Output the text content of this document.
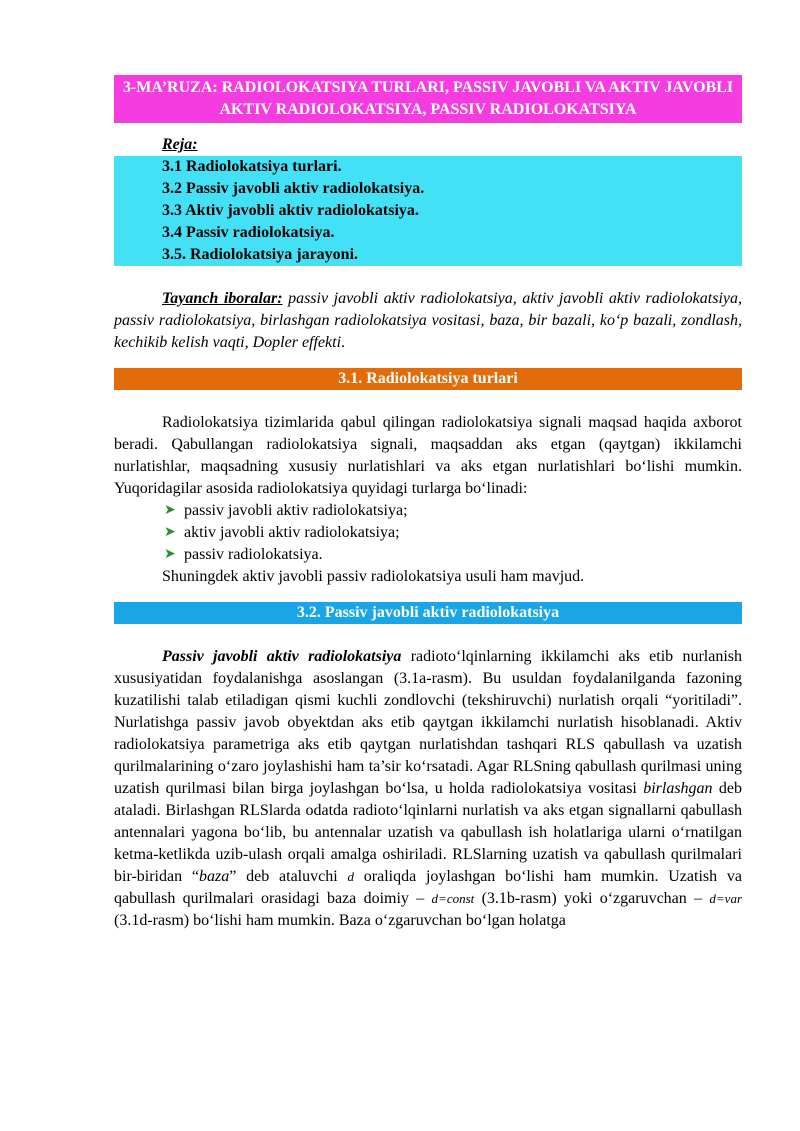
3-MA’RUZA: RADIOLOKATSIYA TURLARI, PASSIV JAVOBLI VA AKTIV JAVOBLI AKTIV RADIOLOKATSIYA, PASSIV RADIOLOKATSIYA
Reja:
3.1 Radiolokatsiya turlari.
3.2 Passiv javobli aktiv radiolokatsiya.
3.3 Aktiv javobli aktiv radiolokatsiya.
3.4 Passiv radiolokatsiya.
3.5. Radiolokatsiya jarayoni.

Tayanch iboralar: passiv javobli aktiv radiolokatsiya, aktiv javobli aktiv radiolokatsiya, passiv radiolokatsiya, birlashgan radiolokatsiya vositasi, baza, bir bazali, ko‘p bazali, zondlash, kechikib kelish vaqti, Dopler effekti.

3.1. Radiolokatsiya turlari

Radiolokatsiya tizimlarida qabul qilingan radiolokatsiya signali maqsad haqida axborot beradi. Qabullangan radiolokatsiya signali, maqsaddan aks etgan (qaytgan) ikkilamchi nurlatishlar, maqsadning xususiy nurlatishlari va aks etgan nurlatishlari bo‘lishi mumkin. Yuqoridagilar asosida radiolokatsiya quyidagi turlarga bo‘linadi:

➤ passiv javobli aktiv radiolokatsiya;
➤ aktiv javobli aktiv radiolokatsiya;
➤ passiv radiolokatsiya.
Shuningdek aktiv javobli passiv radiolokatsiya usuli ham mavjud.
3.2. Passiv javobli aktiv radiolokatsiya

Passiv javobli aktiv radiolokatsiya radioto‘lqinlarning ikkilamchi aks etib nurlanish xususiyatidan foydalanishga asoslangan (3.1a-rasm). Bu usuldan foydalanilganda fazoning kuzatilishi talab etiladigan qismi kuchli zondlovchi (tekshiruvchi) nurlatish orqali “yoritiladi”. Nurlatishga passiv javob obyektdan aks etib qaytgan ikkilamchi nurlatish hisoblanadi. Aktiv radiolokatsiya parametriga aks etib qaytgan nurlatishdan tashqari RLS qabullash va uzatish qurilmalarining o‘zaro joylashishi ham ta’sir ko‘rsatadi. Agar RLSning qabullash qurilmasi uning uzatish qurilmasi bilan birga joylashgan bo‘lsa, u holda radiolokatsiya vositasi birlashgan deb ataladi. Birlashgan RLSlarda odatda radioto‘lqinlarni nurlatish va aks etgan signallarni qabullash antennalari yagona bo‘lib, bu antennalar uzatish va qabullash ish holatlariga ularni o‘rnatilgan ketma-ketlikda uzib-ulash orqali amalga oshiriladi. RLSlarning uzatish va qabullash qurilmalari bir-biridan “baza” deb ataluvchi d oraliqda joylashgan bo‘lishi ham mumkin. Uzatish va qabullash qurilmalari orasidagi baza doimiy – d=const (3.1b-rasm) yoki o‘zgaruvchan – d=var (3.1d-rasm) bo‘lishi ham mumkin. Baza o‘zgaruvchan bo‘lgan holatga
